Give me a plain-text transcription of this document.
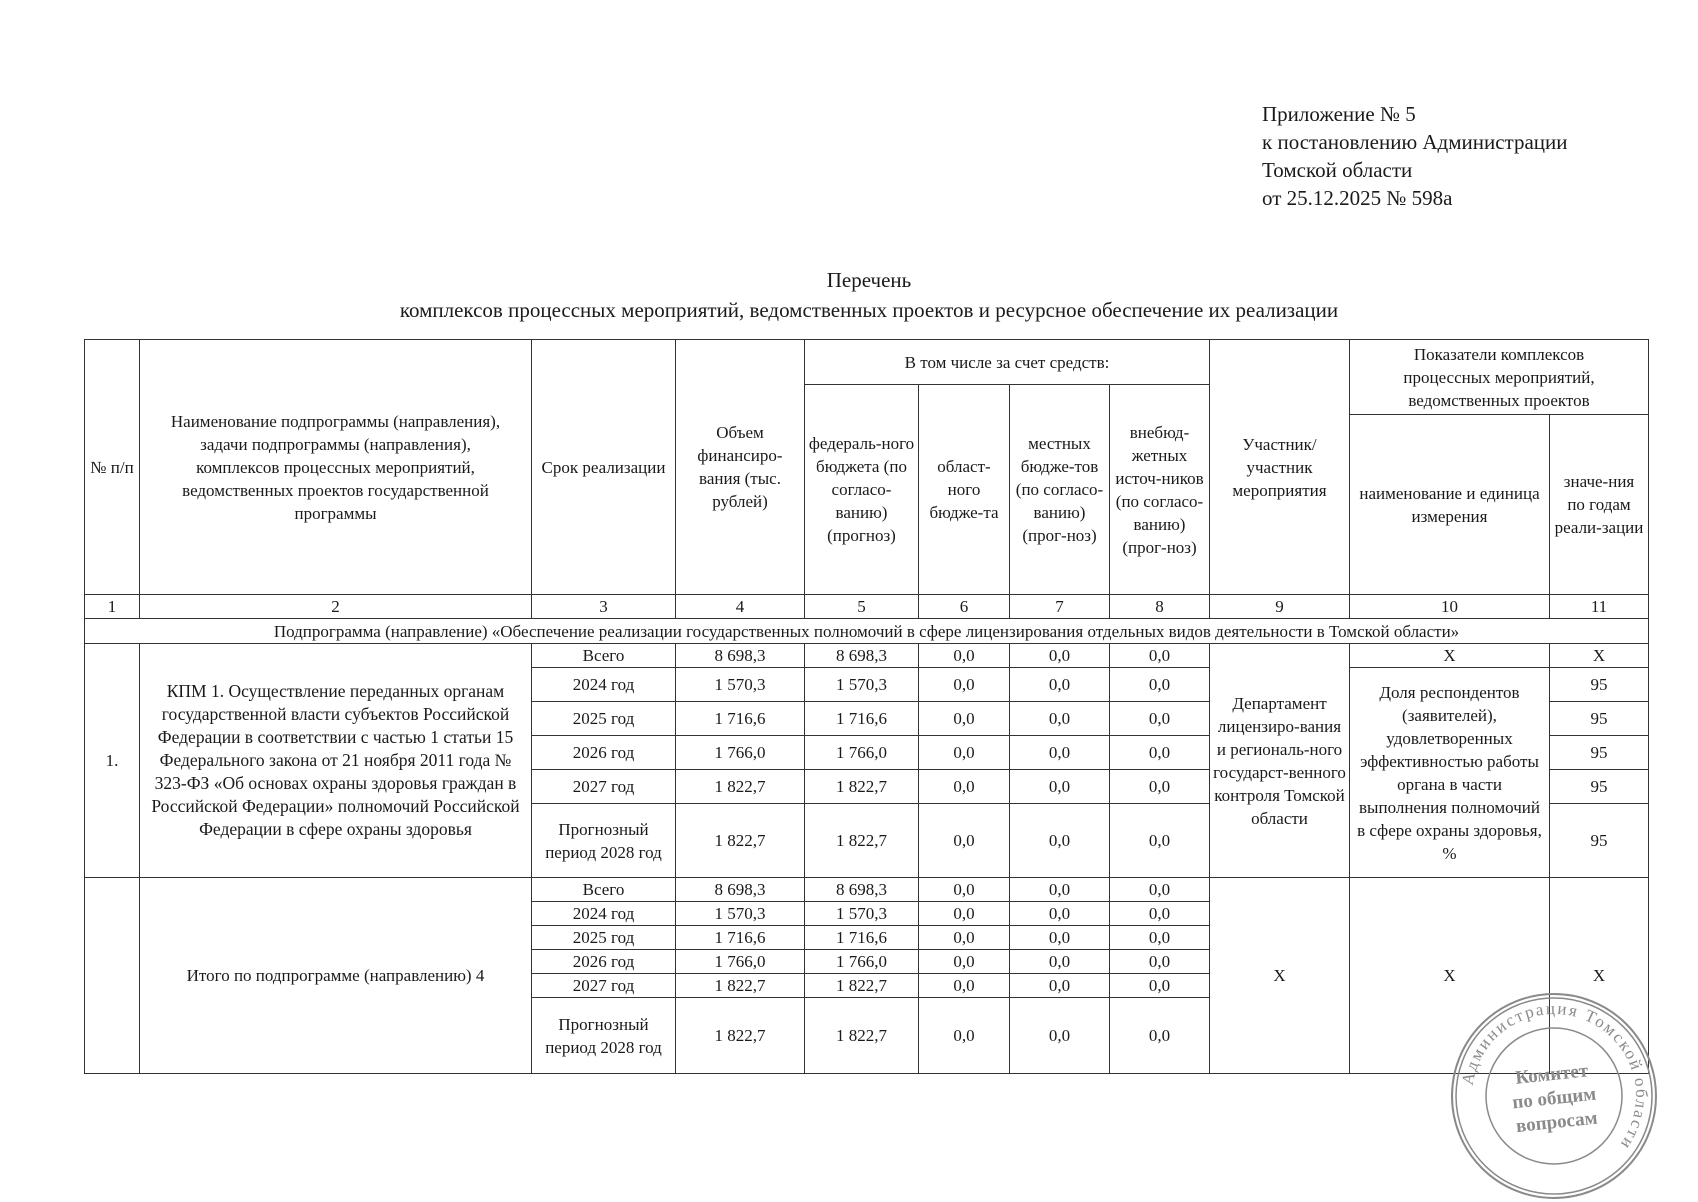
Приложение № 5
к постановлению Администрации
Томской области
от 25.12.2025 № 598а
Перечень
комплексов процессных мероприятий, ведомственных проектов и ресурсное обеспечение их реализации
№ п/п	Наименование подпрограммы (направления), задачи подпрограммы (направления), комплексов процессных мероприятий, ведомственных проектов государственной программы	Срок реализации	Объем финансиро-вания (тыс. рублей)	В том числе за счет средств:				Участник/ участник мероприятия	Показатели комплексов процессных мероприятий, ведомственных проектов	
				федераль-ного бюджета (по согласо-ванию) (прогноз)	област-ного бюдже-та	местных бюдже-тов (по согласо-ванию) (прог-ноз)	внебюд-жетных источ-ников (по согласо-ванию) (прог-ноз)			
									наименование и единица измерения	значе-ния по годам реали-зации
1	2	3	4	5	6	7	8	9	10	11
Подпрограмма (направление) «Обеспечение реализации государственных полномочий в сфере лицензирования отдельных видов деятельности в Томской области»										
1.	КПМ 1. Осуществление переданных органам государственной власти субъектов Российской Федерации в соответствии с частью 1 статьи 15 Федерального закона от 21 ноября 2011 года № 323-ФЗ «Об основах охраны здоровья граждан в Российской Федерации» полномочий Российской Федерации в сфере охраны здоровья	Всего	8 698,3	8 698,3	0,0	0,0	0,0	Департамент лицензиро-вания и региональ-ного государст-венного контроля Томской области	X	X
		2024 год	1 570,3	1 570,3	0,0	0,0	0,0		Доля респондентов (заявителей), удовлетворенных эффективностью работы органа в части выполнения полномочий в сфере охраны здоровья, %	95
		2025 год	1 716,6	1 716,6	0,0	0,0	0,0			95
		2026 год	1 766,0	1 766,0	0,0	0,0	0,0			95
		2027 год	1 822,7	1 822,7	0,0	0,0	0,0			95
		Прогнозный период 2028 год	1 822,7	1 822,7	0,0	0,0	0,0			95
	Итого по подпрограмме (направлению) 4	Всего	8 698,3	8 698,3	0,0	0,0	0,0	X	X	X
		2024 год	1 570,3	1 570,3	0,0	0,0	0,0			
		2025 год	1 716,6	1 716,6	0,0	0,0	0,0			
		2026 год	1 766,0	1 766,0	0,0	0,0	0,0			
		2027 год	1 822,7	1 822,7	0,0	0,0	0,0			
		Прогнозный период 2028 год	1 822,7	1 822,7	0,0	0,0	0,0			
Администрация Томской области
Комитет
по общим
вопросам
